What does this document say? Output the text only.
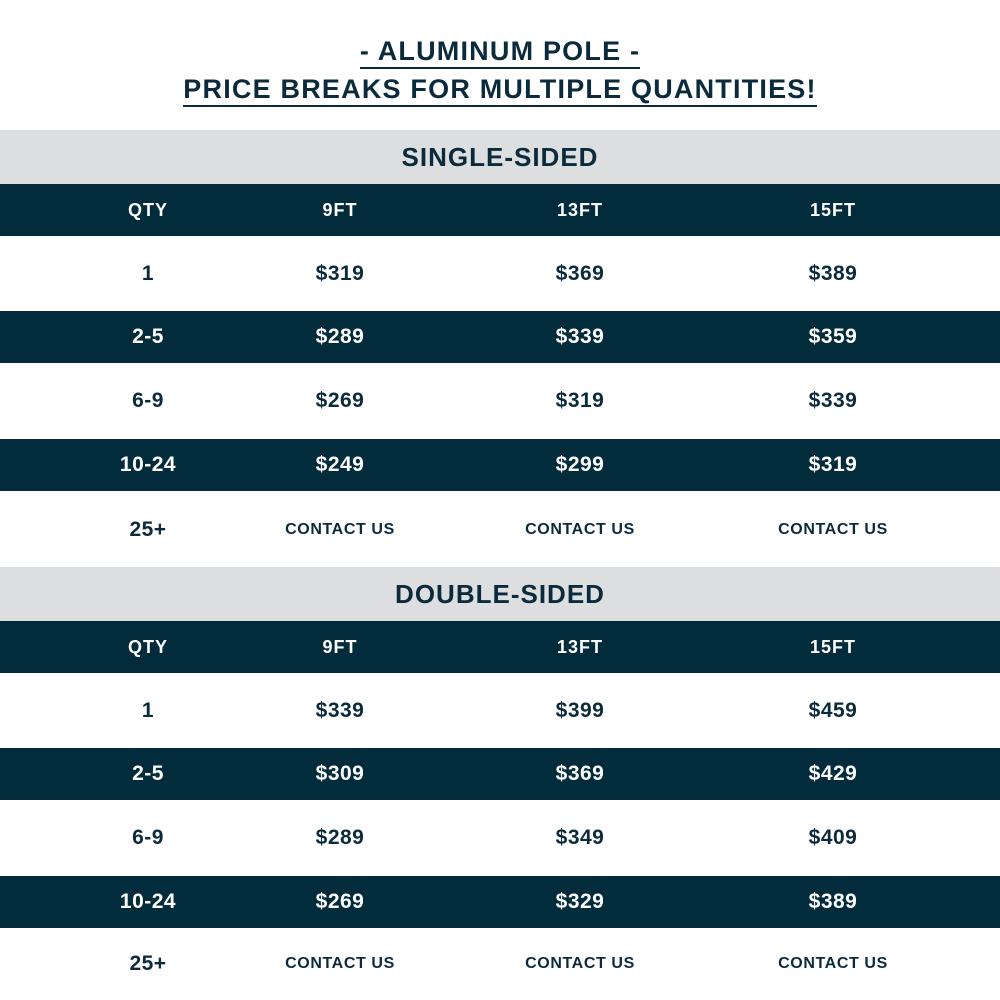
- ALUMINUM POLE -
PRICE BREAKS FOR MULTIPLE QUANTITIES!
SINGLE-SIDED
QTY	9FT	13FT	15FT
1	$319	$369	$389
2-5	$289	$339	$359
6-9	$269	$319	$339
10-24	$249	$299	$319
25+	CONTACT US	CONTACT US	CONTACT US
DOUBLE-SIDED
QTY	9FT	13FT	15FT
1	$339	$399	$459
2-5	$309	$369	$429
6-9	$289	$349	$409
10-24	$269	$329	$389
25+	CONTACT US	CONTACT US	CONTACT US
